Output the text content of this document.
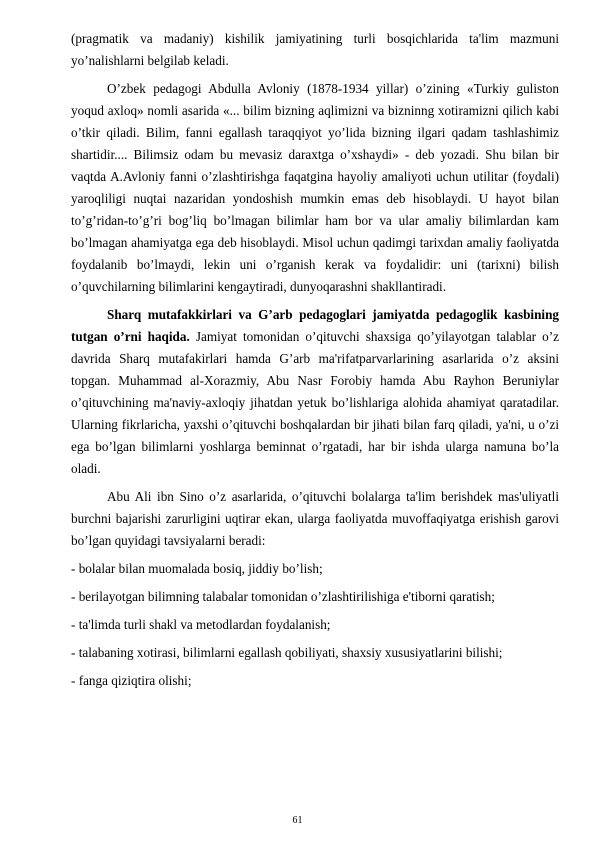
(pragmatik va madaniy) kishilik jamiyatining turli bosqichlarida ta'lim mazmuni yo’nalishlarni belgilab keladi.

O’zbek pedagogi Abdulla Avloniy (1878-1934 yillar) o’zining «Turkiy guliston yoqud axloq» nomli asarida «... bilim bizning aqlimizni va bizninng xotiramizni qilich kabi o’tkir qiladi. Bilim, fanni egallash taraqqiyot yo’lida bizning ilgari qadam tashlashimiz shartidir.... Bilimsiz odam bu mevasiz daraxtga o’xshaydi» - deb yozadi. Shu bilan bir vaqtda A.Avloniy fanni o’zlashtirishga faqatgina hayoliy amaliyoti uchun utilitar (foydali) yaroqliligi nuqtai nazaridan yondoshish mumkin emas deb hisoblaydi. U hayot bilan to’g’ridan-to’g’ri bog’liq bo’lmagan bilimlar ham bor va ular amaliy bilimlardan kam bo’lmagan ahamiyatga ega deb hisoblaydi. Misol uchun qadimgi tarixdan amaliy faoliyatda foydalanib bo’lmaydi, lekin uni o’rganish kerak va foydalidir: uni (tarixni) bilish o’quvchilarning bilimlarini kengaytiradi, dunyoqarashni shakllantiradi.

Sharq mutafakkirlari va G’arb pedagoglari jamiyatda pedagoglik kasbining tutgan o’rni haqida. Jamiyat tomonidan o’qituvchi shaxsiga qo’yilayotgan talablar o’z davrida Sharq mutafakirlari hamda G’arb ma'rifatparvarlarining asarlarida o’z aksini topgan. Muhammad al-Xorazmiy, Abu Nasr Forobiy hamda Abu Rayhon Beruniylar o’qituvchining ma'naviy-axloqiy jihatdan yetuk bo’lishlariga alohida ahamiyat qaratadilar. Ularning fikrlaricha, yaxshi o’qituvchi boshqalardan bir jihati bilan farq qiladi, ya'ni, u o’zi ega bo’lgan bilimlarni yoshlarga beminnat o’rgatadi, har bir ishda ularga namuna bo’la oladi.

Abu Ali ibn Sino o’z asarlarida, o’qituvchi bolalarga ta'lim berishdek mas'uliyatli burchni bajarishi zarurligini uqtirar ekan, ularga faoliyatda muvoffaqiyatga erishish garovi bo’lgan quyidagi tavsiyalarni beradi:

- bolalar bilan muomalada bosiq, jiddiy bo’lish;

- berilayotgan bilimning talabalar tomonidan o’zlashtirilishiga e'tiborni qaratish;

- ta'limda turli shakl va metodlardan foydalanish;

- talabaning xotirasi, bilimlarni egallash qobiliyati, shaxsiy xususiyatlarini bilishi;

- fanga qiziqtira olishi;

61
